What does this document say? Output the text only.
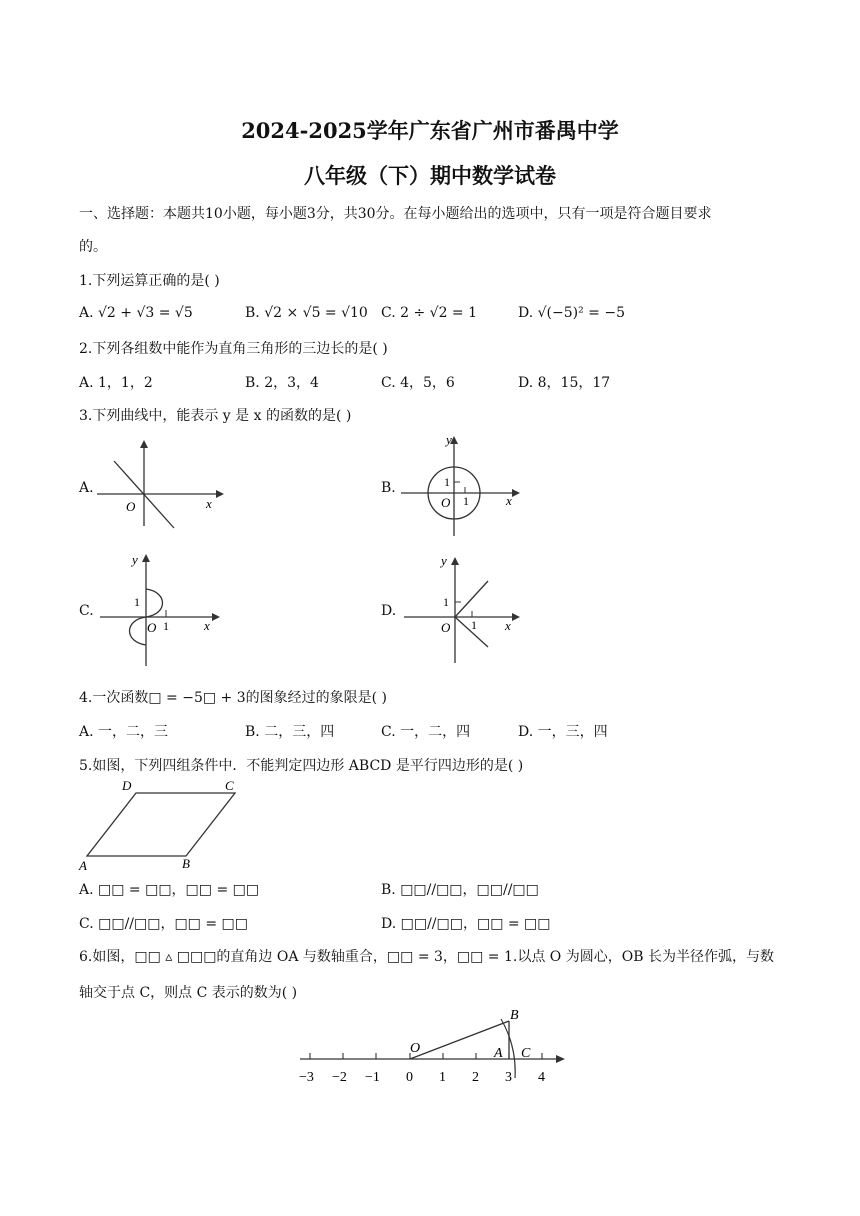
2024-2025学年广东省广州市番禺中学
八年级（下）期中数学试卷
一、选择题：本题共10小题，每小题3分，共30分。在每小题给出的选项中，只有一项是符合题目要求
的。
1.下列运算正确的是( )
A. √2 + √3 = √5	B. √2 × √5 = √10 C. 2 ÷ √2 = 1	D. √(−5)² = −5
2.下列各组数中能作为直角三角形的三边长的是( )
A. 1，1，2	B. 2，3，4	C. 4，5，6	D. 8，15，17
3.下列曲线中，能表示 y 是 x 的函数的是( )
A.
O	x
B.
y
1
O 1	x
C.
y
1
O 1	x
D.
y
1
O 1 x
4.一次函数□ = −5□ + 3的图象经过的象限是( )
A. 一，二，三	B. 二，三，四	C. 一，二，四	D. 一，三，四
5.如图，下列四组条件中．不能判定四边形 ABCD 是平行四边形的是( )
D	C
A	B
A. □□ = □□，□□ = □□	B. □□//□□，□□//□□
C. □□//□□，□□ = □□	D. □□//□□，□□ = □□
6.如图，□□ ▵ □□□的直角边 OA 与数轴重合，□□ = 3，□□ = 1.以点 O 为圆心，OB 长为半径作弧，与数
轴交于点 C，则点 C 表示的数为( )
−3 −2 −1 0 1 2 3 4
O	A
B
C
